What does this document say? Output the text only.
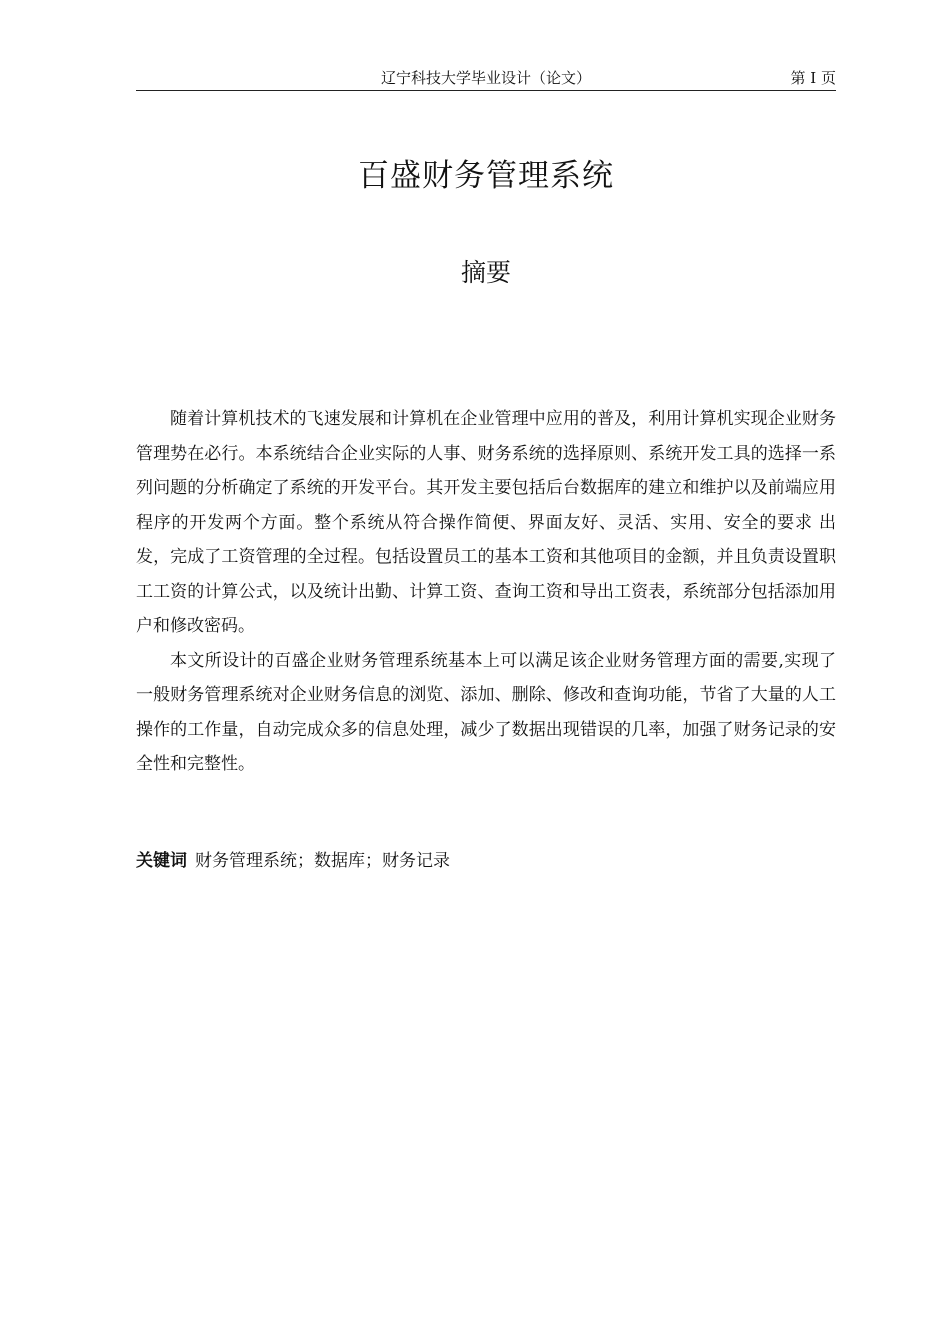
辽宁科技大学毕业设计（论文）	第 I 页
百盛财务管理系统
摘要

随着计算机技术的飞速发展和计算机在企业管理中应用的普及，利用计算机实现企业财务管理势在必行。本系统结合企业实际的人事、财务系统的选择原则、系统开发工具的选择一系列问题的分析确定了系统的开发平台。其开发主要包括后台数据库的建立和维护以及前端应用程序的开发两个方面。整个系统从符合操作简便、界面友好、灵活、实用、安全的要求 出发，完成了工资管理的全过程。包括设置员工的基本工资和其他项目的金额，并且负责设置职工工资的计算公式，以及统计出勤、计算工资、查询工资和导出工资表，系统部分包括添加用户和修改密码。

本文所设计的百盛企业财务管理系统基本上可以满足该企业财务管理方面的需要,实现了一般财务管理系统对企业财务信息的浏览、添加、删除、修改和查询功能，节省了大量的人工操作的工作量，自动完成众多的信息处理，减少了数据出现错误的几率，加强了财务记录的安全性和完整性。

关键词 财务管理系统；数据库；财务记录
